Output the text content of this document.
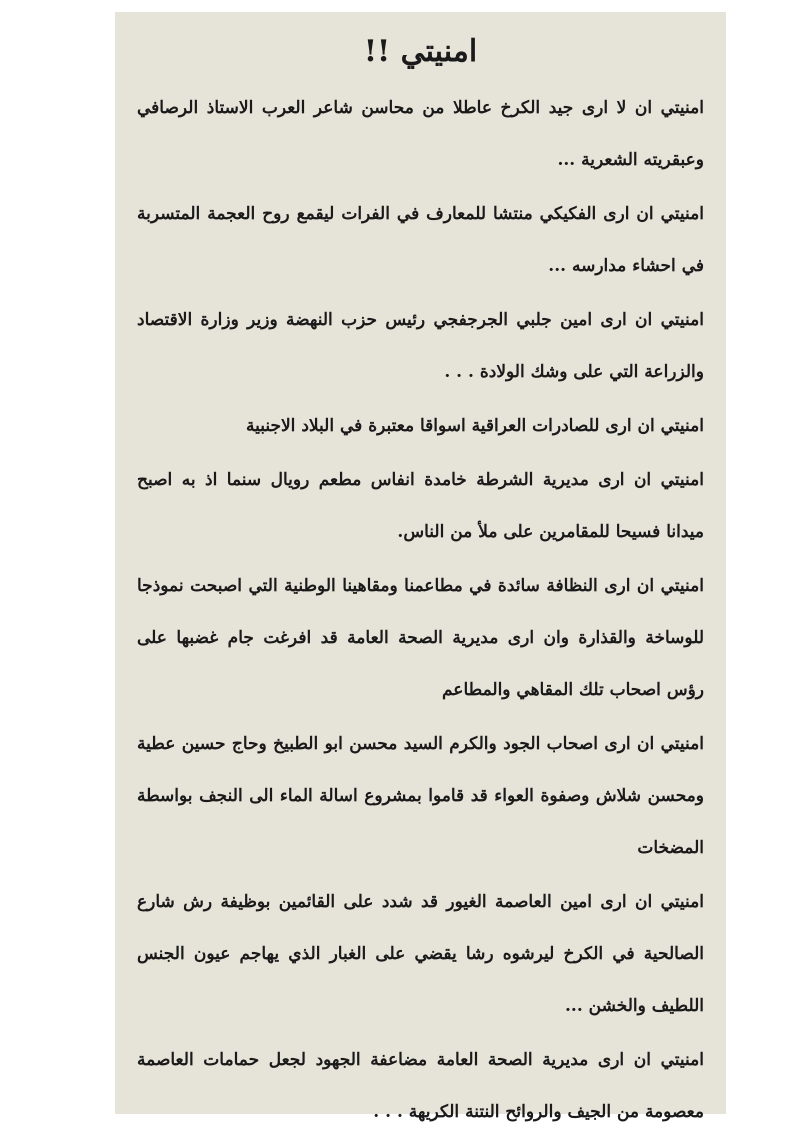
امنيتي !!

امنيتي ان لا ارى جيد الكرخ عاطلا من محاسن شاعر العرب الاستاذ الرصافي وعبقريته الشعرية ...

امنيتي ان ارى الفكيكي منتشا للمعارف في الفرات ليقمع روح العجمة المتسربة في احشاء مدارسه ...

امنيتي ان ارى امين جلبي الجرجفجي رئيس حزب النهضة وزير وزارة الاقتصاد والزراعة التي على وشك الولادة . . .

امنيتي ان ارى للصادرات العراقية اسواقا معتبرة في البلاد الاجنبية

امنيتي ان ارى مديرية الشرطة خامدة انفاس مطعم رويال سنما اذ به اصبح ميدانا فسيحا للمقامرين على ملأ من الناس.

امنيتي ان ارى النظافة سائدة في مطاعمنا ومقاهينا الوطنية التي اصبحت نموذجا للوساخة والقذارة وان ارى مديرية الصحة العامة قد افرغت جام غضبها على رؤس اصحاب تلك المقاهي والمطاعم

امنيتي ان ارى اصحاب الجود والكرم السيد محسن ابو الطبيخ وحاج حسين عطية ومحسن شلاش وصفوة العواء قد قاموا بمشروع اسالة الماء الى النجف بواسطة المضخات

امنيتي ان ارى امين العاصمة الغيور قد شدد على القائمين بوظيفة رش شارع الصالحية في الكرخ ليرشوه رشا يقضي على الغبار الذي يهاجم عيون الجنس اللطيف والخشن ...

امنيتي ان ارى مديرية الصحة العامة مضاعفة الجهود لجعل حمامات العاصمة معصومة من الجيف والروائح النتنة الكريهة . . .
